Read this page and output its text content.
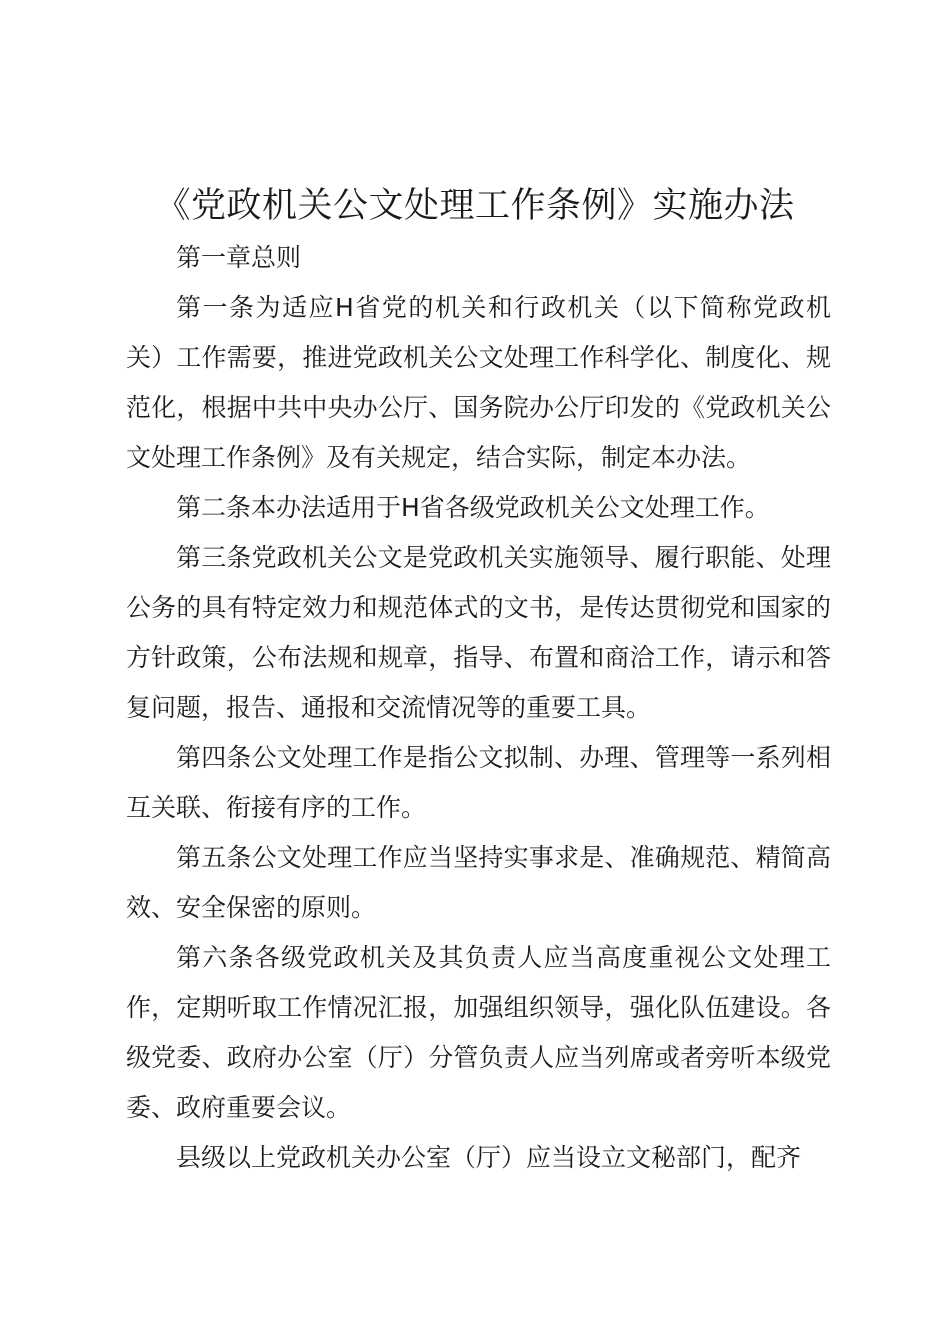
《党政机关公文处理工作条例》实施办法

第一章总则

第一条为适应H省党的机关和行政机关（以下简称党政机关）工作需要，推进党政机关公文处理工作科学化、制度化、规范化，根据中共中央办公厅、国务院办公厅印发的《党政机关公文处理工作条例》及有关规定，结合实际，制定本办法。

第二条本办法适用于H省各级党政机关公文处理工作。

第三条党政机关公文是党政机关实施领导、履行职能、处理公务的具有特定效力和规范体式的文书，是传达贯彻党和国家的方针政策，公布法规和规章，指导、布置和商洽工作，请示和答复问题，报告、通报和交流情况等的重要工具。

第四条公文处理工作是指公文拟制、办理、管理等一系列相互关联、衔接有序的工作。

第五条公文处理工作应当坚持实事求是、准确规范、精简高效、安全保密的原则。

第六条各级党政机关及其负责人应当高度重视公文处理工作，定期听取工作情况汇报，加强组织领导，强化队伍建设。各级党委、政府办公室（厅）分管负责人应当列席或者旁听本级党委、政府重要会议。

县级以上党政机关办公室（厅）应当设立文秘部门，配齐
